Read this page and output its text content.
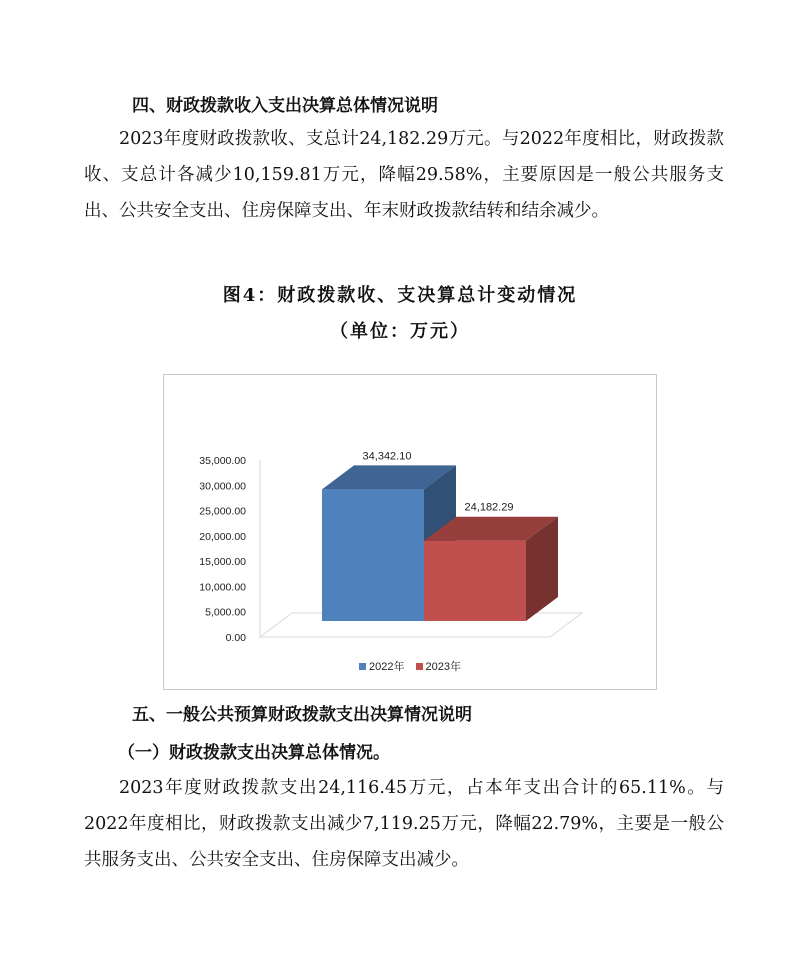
四、财政拨款收入支出决算总体情况说明

2023年度财政拨款收、支总计24,182.29万元。与2022年度相比，财政拨款收、支总计各减少10,159.81万元，降幅29.58%，主要原因是一般公共服务支出、公共安全支出、住房保障支出、年末财政拨款结转和结余减少。

图4：财政拨款收、支决算总计变动情况
（单位：万元）
0.00
5,000.00
10,000.00
15,000.00
20,000.00
25,000.00
30,000.00
35,000.00	34,342.10
24,182.29
2022年 2023年
五、一般公共预算财政拨款支出决算情况说明
（一）财政拨款支出决算总体情况。

2023年度财政拨款支出24,116.45万元，占本年支出合计的65.11%。与2022年度相比，财政拨款支出减少7,119.25万元，降幅22.79%，主要是一般公共服务支出、公共安全支出、住房保障支出减少。
